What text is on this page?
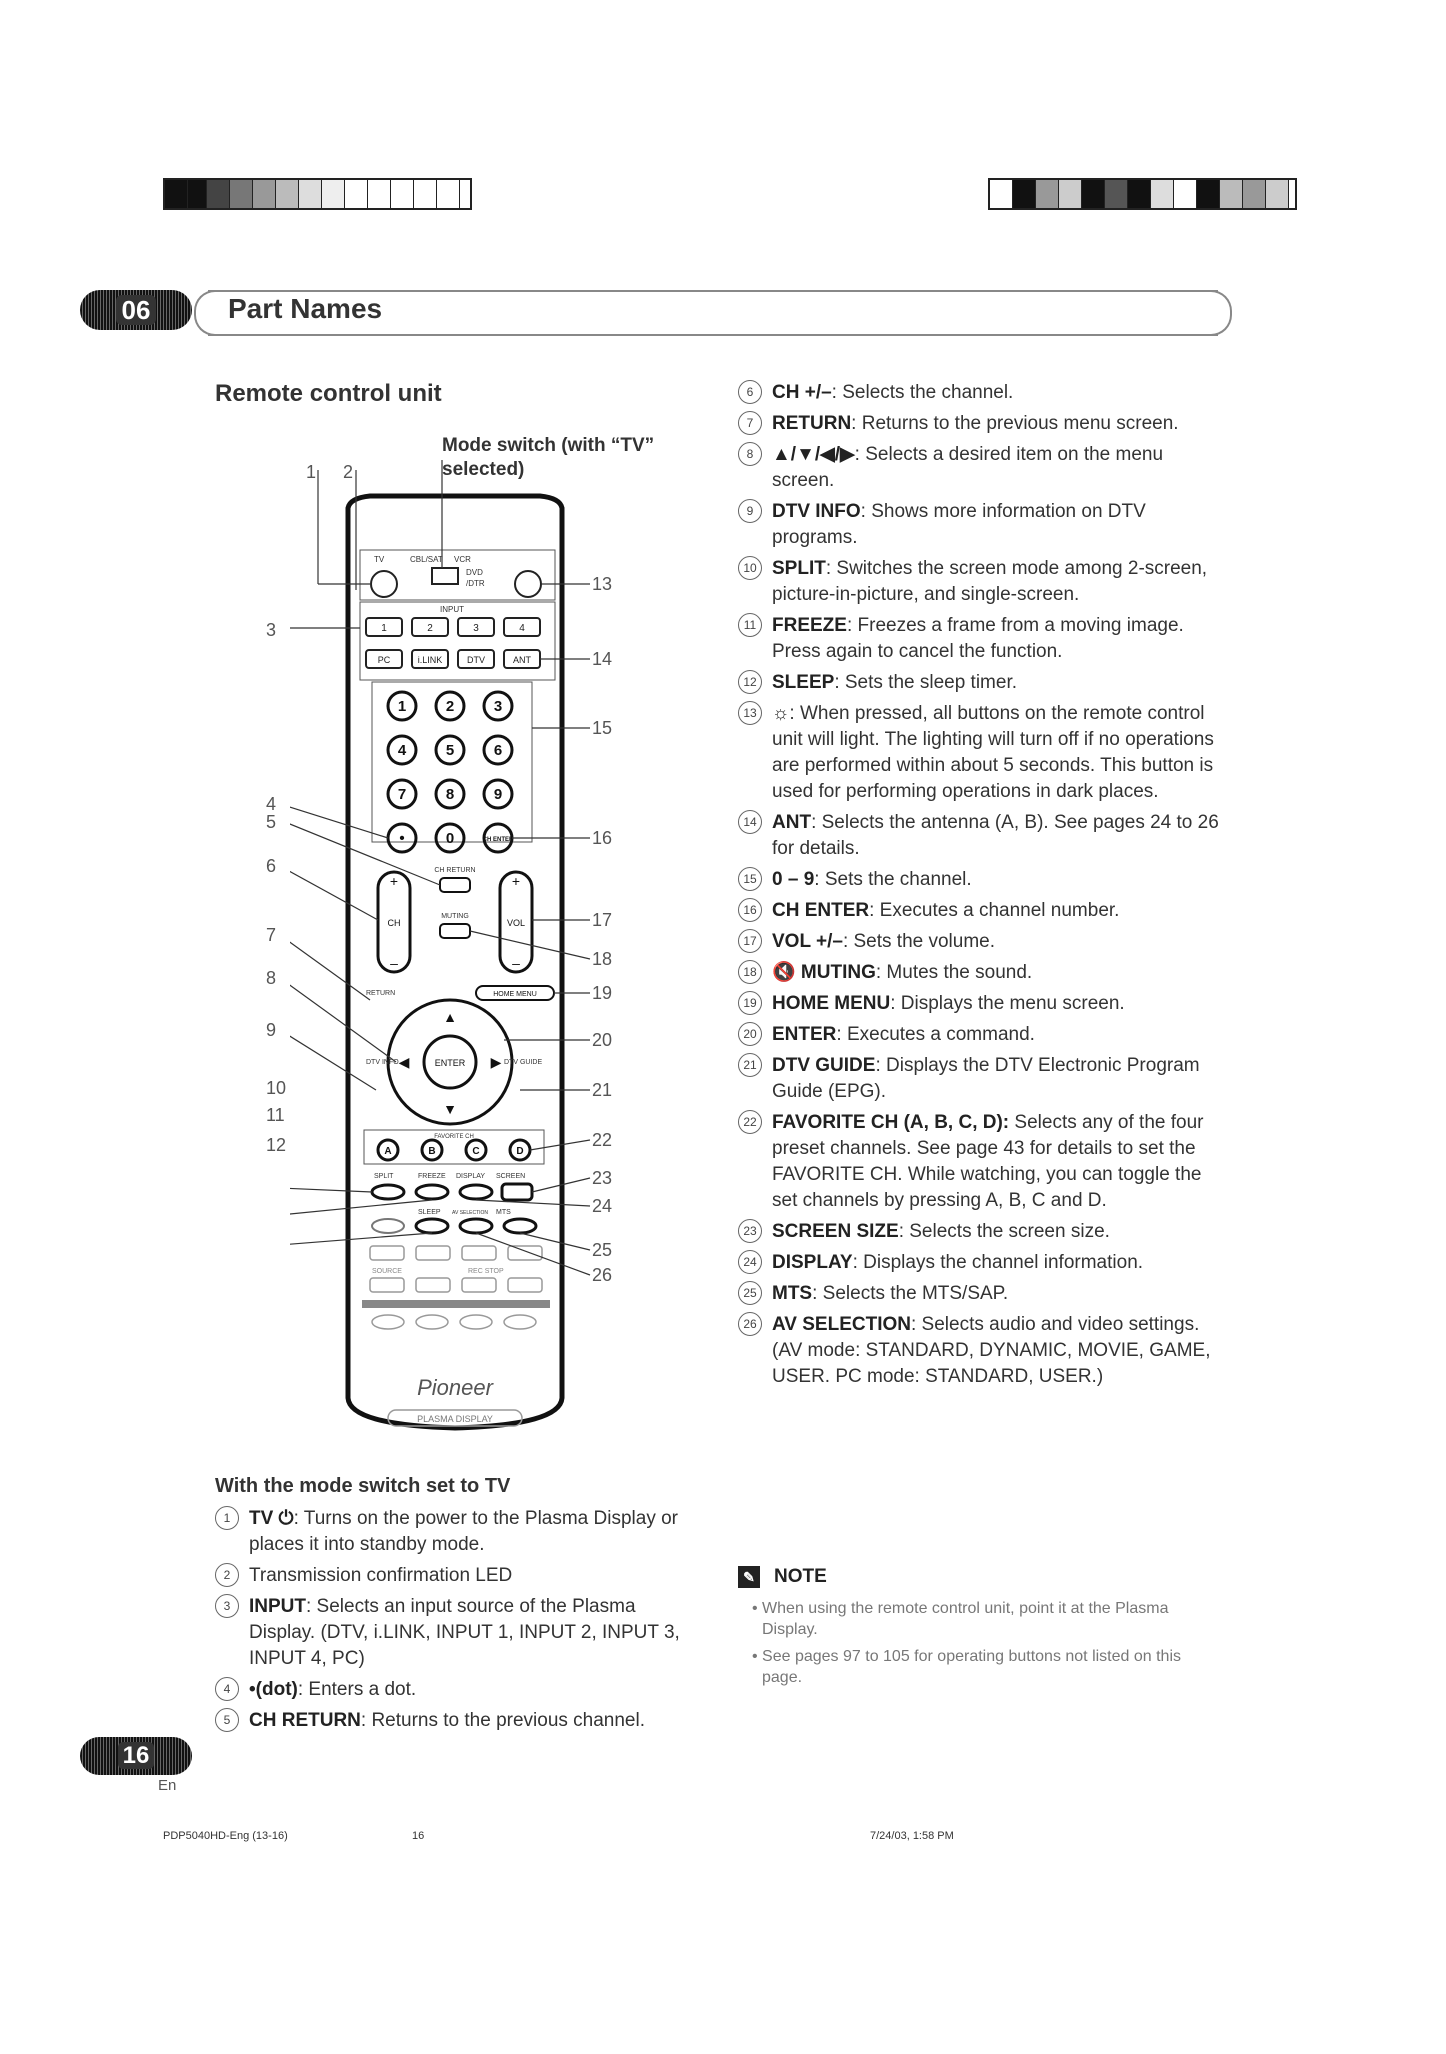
06	Part Names
Remote control unit
Mode switch (with “TV” selected)
TV	CBL/SAT VCR
DVD
/DTR
INPUT
1	2	3	4
PC	i.LINK	DTV	ANT
1	2	3
4	5	6
7	8	9
•	0	CH ENTER
+
–
+
–
CH	VOL
CH RETURN
MUTING
RETURN	HOME MENU
ENTER
▲
▼
◀	▶
DTV INFO	DTV GUIDE
FAVORITE CH
A	B	C	D
SPLIT	FREEZE DISPLAY SCREEN
SLEEP AV SELECTION MTS
SOURCE	REC STOP
Pioneer
PLASMA DISPLAY
1 2
3
4
5
6
7
8
9
10
11
12
13
14
15
16
17
18
19
20
21
22
23
24
25
26
With the mode switch set to TV
1 TV ⏻: Turns on the power to the Plasma Display or places it into standby mode.
2 Transmission confirmation LED
3 INPUT: Selects an input source of the Plasma Display. (DTV, i.LINK, INPUT 1, INPUT 2, INPUT 3, INPUT 4, PC)
4 •(dot): Enters a dot.
5 CH RETURN: Returns to the previous channel.
6 CH +/–: Selects the channel.
7 RETURN: Returns to the previous menu screen.
8 ▲/▼/◀/▶: Selects a desired item on the menu screen.
9 DTV INFO: Shows more information on DTV programs.
10 SPLIT: Switches the screen mode among 2-screen, picture-in-picture, and single-screen.
11 FREEZE: Freezes a frame from a moving image. Press again to cancel the function.
12 SLEEP: Sets the sleep timer.
13 ☼: When pressed, all buttons on the remote control unit will light. The lighting will turn off if no operations are performed within about 5 seconds. This button is used for performing operations in dark places.
14 ANT: Selects the antenna (A, B). See pages 24 to 26 for details.
15 0 – 9: Sets the channel.
16 CH ENTER: Executes a channel number.
17 VOL +/–: Sets the volume.
18 🔇 MUTING: Mutes the sound.
19 HOME MENU: Displays the menu screen.
20 ENTER: Executes a command.
21 DTV GUIDE: Displays the DTV Electronic Program Guide (EPG).
22 FAVORITE CH (A, B, C, D): Selects any of the four preset channels. See page 43 for details to set the FAVORITE CH. While watching, you can toggle the set channels by pressing A, B, C and D.
23 SCREEN SIZE: Selects the screen size.
24 DISPLAY: Displays the channel information.
25 MTS: Selects the MTS/SAP.
26 AV SELECTION: Selects audio and video settings. (AV mode: STANDARD, DYNAMIC, MOVIE, GAME, USER. PC mode: STANDARD, USER.)
✎ NOTE

• When using the remote control unit, point it at the Plasma Display.

• See pages 97 to 105 for operating buttons not listed on this page.

16
En
PDP5040HD-Eng (13-16)	16	7/24/03, 1:58 PM
